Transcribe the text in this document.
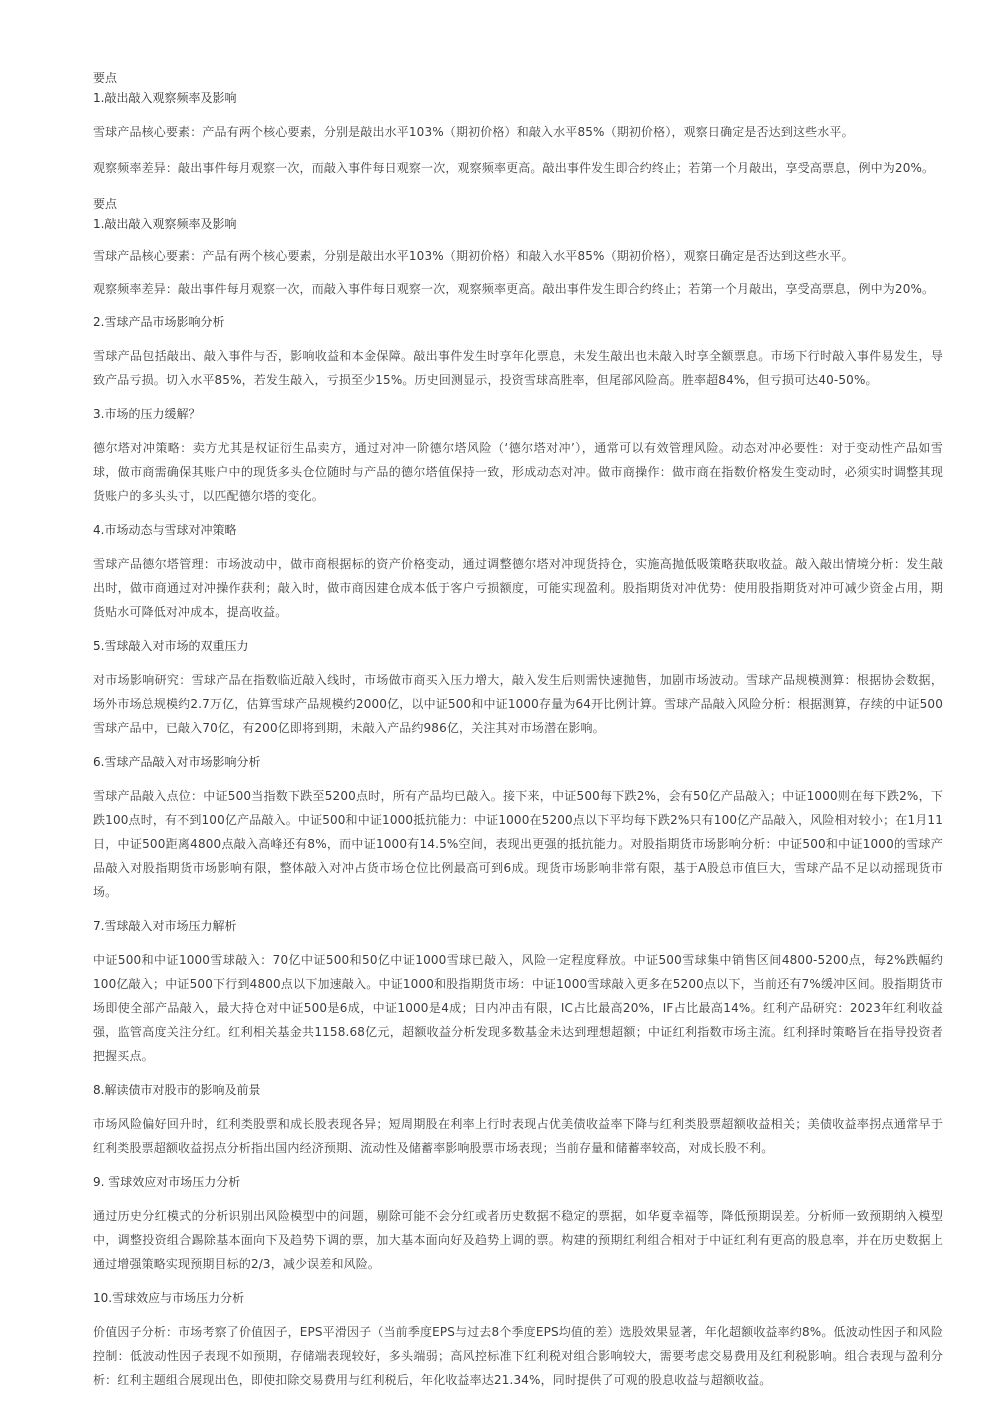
要点
1.敲出敲入观察频率及影响

雪球产品核心要素：产品有两个核心要素，分别是敲出水平103%（期初价格）和敲入水平85%（期初价格），观察日确定是否达到这些水平。

观察频率差异：敲出事件每月观察一次，而敲入事件每日观察一次，观察频率更高。敲出事件发生即合约终止；若第一个月敲出，享受高票息，例中为20%。

要点
1.敲出敲入观察频率及影响

雪球产品核心要素：产品有两个核心要素，分别是敲出水平103%（期初价格）和敲入水平85%（期初价格），观察日确定是否达到这些水平。

观察频率差异：敲出事件每月观察一次，而敲入事件每日观察一次，观察频率更高。敲出事件发生即合约终止；若第一个月敲出，享受高票息，例中为20%。

2.雪球产品市场影响分析

雪球产品包括敲出、敲入事件与否，影响收益和本金保障。敲出事件发生时享年化票息，未发生敲出也未敲入时享全额票息。市场下行时敲入事件易发生，导致产品亏损。切入水平85%，若发生敲入，亏损至少15%。历史回测显示，投资雪球高胜率，但尾部风险高。胜率超84%，但亏损可达40-50%。

3.市场的压力缓解？

德尔塔对冲策略：卖方尤其是权证衍生品卖方，通过对冲一阶德尔塔风险（‘德尔塔对冲’），通常可以有效管理风险。动态对冲必要性：对于变动性产品如雪球，做市商需确保其账户中的现货多头仓位随时与产品的德尔塔值保持一致，形成动态对冲。做市商操作：做市商在指数价格发生变动时，必须实时调整其现货账户的多头头寸，以匹配德尔塔的变化。

4.市场动态与雪球对冲策略

雪球产品德尔塔管理：市场波动中，做市商根据标的资产价格变动，通过调整德尔塔对冲现货持仓，实施高抛低吸策略获取收益。敲入敲出情境分析：发生敲出时，做市商通过对冲操作获利；敲入时，做市商因建仓成本低于客户亏损额度，可能实现盈利。股指期货对冲优势：使用股指期货对冲可减少资金占用，期货贴水可降低对冲成本，提高收益。

5.雪球敲入对市场的双重压力

对市场影响研究：雪球产品在指数临近敲入线时，市场做市商买入压力增大，敲入发生后则需快速抛售，加剧市场波动。雪球产品规模测算：根据协会数据，场外市场总规模约2.7万亿，估算雪球产品规模约2000亿，以中证500和中证1000存量为64开比例计算。雪球产品敲入风险分析：根据测算，存续的中证500雪球产品中，已敲入70亿，有200亿即将到期，未敲入产品约986亿，关注其对市场潜在影响。

6.雪球产品敲入对市场影响分析

雪球产品敲入点位：中证500当指数下跌至5200点时，所有产品均已敲入。接下来，中证500每下跌2%，会有50亿产品敲入；中证1000则在每下跌2%，下跌100点时，有不到100亿产品敲入。中证500和中证1000抵抗能力：中证1000在5200点以下平均每下跌2%只有100亿产品敲入，风险相对较小；在1月11日，中证500距离4800点敲入高峰还有8%，而中证1000有14.5%空间，表现出更强的抵抗能力。对股指期货市场影响分析：中证500和中证1000的雪球产品敲入对股指期货市场影响有限，整体敲入对冲占货市场仓位比例最高可到6成。现货市场影响非常有限，基于A股总市值巨大，雪球产品不足以动摇现货市场。

7.雪球敲入对市场压力解析

中证500和中证1000雪球敲入：70亿中证500和50亿中证1000雪球已敲入，风险一定程度释放。中证500雪球集中销售区间4800-5200点，每2%跌幅约100亿敲入；中证500下行到4800点以下加速敲入。中证1000和股指期货市场：中证1000雪球敲入更多在5200点以下，当前还有7%缓冲区间。股指期货市场即使全部产品敲入，最大持仓对中证500是6成，中证1000是4成；日内冲击有限，IC占比最高20%，IF占比最高14%。红利产品研究：2023年红利收益强，监管高度关注分红。红利相关基金共1158.68亿元，超额收益分析发现多数基金未达到理想超额；中证红利指数市场主流。红利择时策略旨在指导投资者把握买点。

8.解读债市对股市的影响及前景

市场风险偏好回升时，红利类股票和成长股表现各异；短周期股在利率上行时表现占优美债收益率下降与红利类股票超额收益相关；美债收益率拐点通常早于红利类股票超额收益拐点分析指出国内经济预期、流动性及储蓄率影响股票市场表现；当前存量和储蓄率较高，对成长股不利。

9. 雪球效应对市场压力分析

通过历史分红模式的分析识别出风险模型中的问题，剔除可能不会分红或者历史数据不稳定的票据，如华夏幸福等，降低预期误差。分析师一致预期纳入模型中，调整投资组合踢除基本面向下及趋势下调的票，加大基本面向好及趋势上调的票。构建的预期红利组合相对于中证红利有更高的股息率，并在历史数据上通过增强策略实现预期目标的2/3，减少误差和风险。

10.雪球效应与市场压力分析

价值因子分析：市场考察了价值因子，EPS平滑因子（当前季度EPS与过去8个季度EPS均值的差）选股效果显著，年化超额收益率约8%。低波动性因子和风险控制：低波动性因子表现不如预期，存储端表现较好，多头端弱；高风控标准下红利税对组合影响较大，需要考虑交易费用及红利税影响。组合表现与盈利分析：红利主题组合展现出色，即使扣除交易费用与红利税后，年化收益率达21.34%，同时提供了可观的股息收益与超额收益。
